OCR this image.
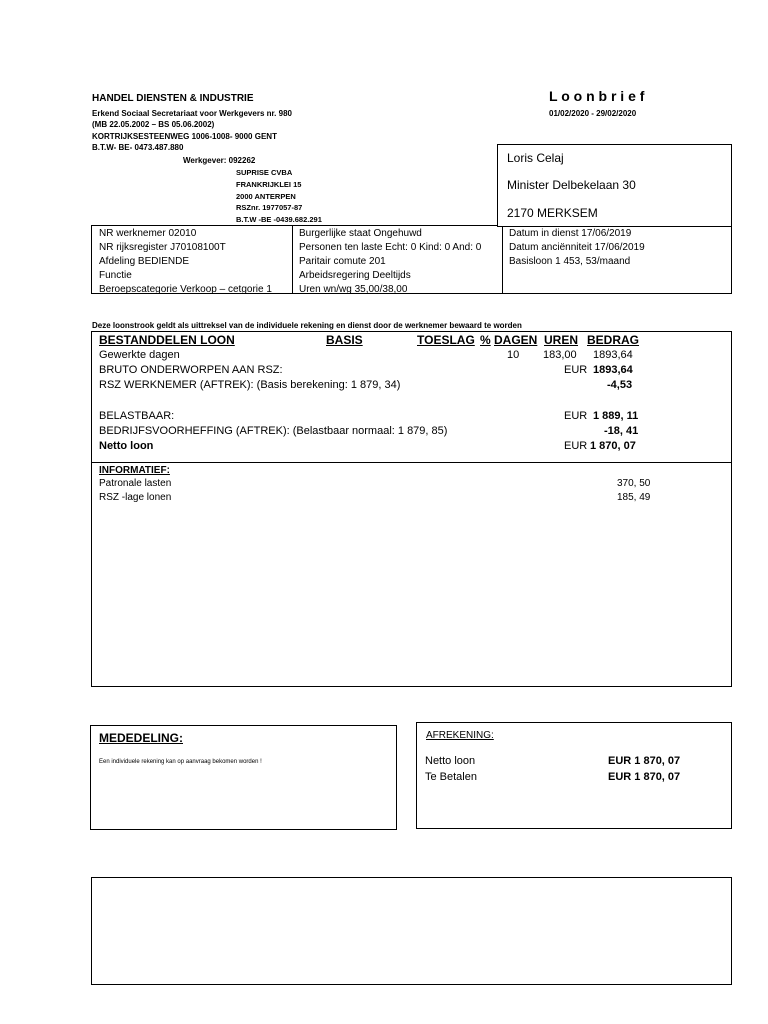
HANDEL DIENSTEN & INDUSTRIE
Erkend Sociaal Secretariaat voor Werkgevers nr. 980
(MB 22.05.2002 – BS 05.06.2002)
KORTRIJKSESTEENWEG 1006-1008- 9000 GENT
B.T.W- BE- 0473.487.880
Werkgever: 092262
SUPRISE CVBA
FRANKRIJKLEI 15
2000 ANTERPEN
RSZnr. 1977057-87
B.T.W -BE -0439.682.291
L o o n b r i e f
01/02/2020 - 29/02/2020
Loris Celaj
Minister Delbekelaan 30
2170 MERKSEM
NR werknemer 02010
NR rijksregister J70108100T
Afdeling BEDIENDE
Functie
Beroepscategorie Verkoop – cetgorie 1
Burgerlijke staat Ongehuwd
Personen ten laste Echt: 0 Kind: 0 And: 0
Paritair comute 201
Arbeidsregering Deeltijds
Uren wn/wg 35,00/38,00
Datum in dienst 17/06/2019
Datum anciënniteit 17/06/2019
Basisloon 1 453, 53/maand
Deze loonstrook geldt als uittreksel van de individuele rekening en dienst door de werknemer bewaard te worden
BESTANDDELEN LOON	BASIS	TOESLAG % DAGEN UREN BEDRAG
Gewerkte dagen	10 183,00 1893,64
BRUTO ONDERWORPEN AAN RSZ:	EUR 1893,64
RSZ WERKNEMER (AFTREK): (Basis berekening: 1 879, 34)	-4,53
BELASTBAAR:	EUR 1 889, 11
BEDRIJFSVOORHEFFING (AFTREK): (Belastbaar normaal: 1 879, 85)	-18, 41
Netto loon	EUR 1 870, 07
INFORMATIEF:
Patronale lasten	370, 50
RSZ -lage lonen	185, 49
MEDEDELING:
Een individuele rekening kan op aanvraag bekomen worden !
AFREKENING:
Netto loon	EUR 1 870, 07
Te Betalen	EUR 1 870, 07
